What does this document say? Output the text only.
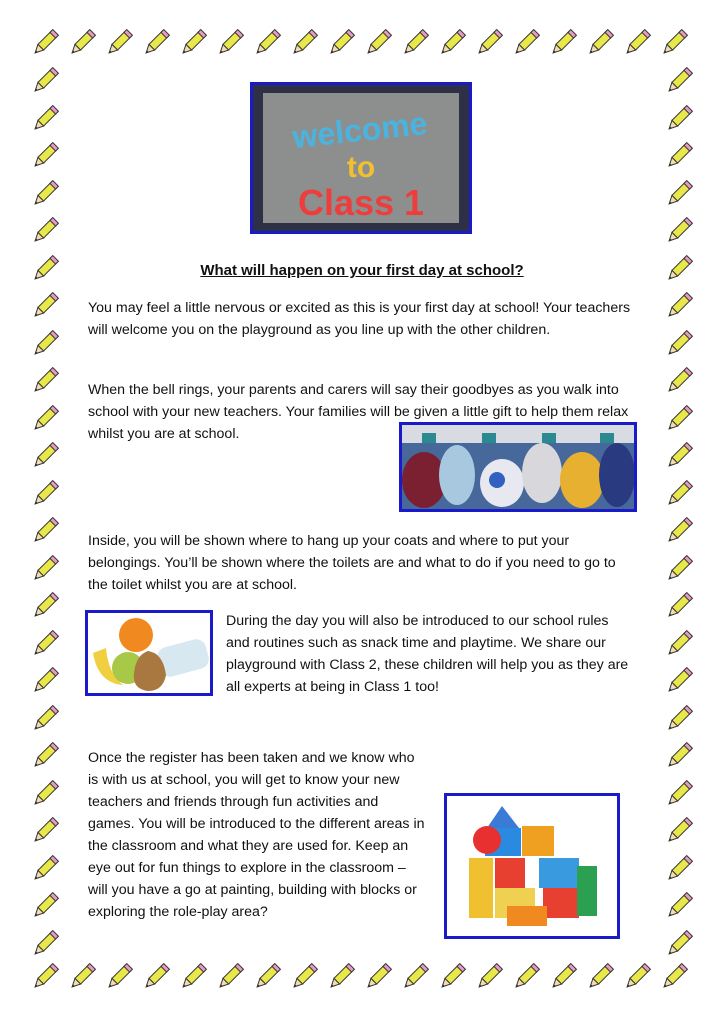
welcome
to
Class 1
What will happen on your first day at school?

You may feel a little nervous or excited as this is your first day at school! Your teachers will welcome you on the playground as you line up with the other children.

When the bell rings, your parents and carers will say their goodbyes as you walk into school with your new teachers. Your families will be given a little gift to help them relax whilst you are at school.

Inside, you will be shown where to hang up your coats and where to put your belongings. You’ll be shown where the toilets are and what to do if you need to go to the toilet whilst you are at school.

During the day you will also be introduced to our school rules and routines such as snack time and playtime. We share our playground with Class 2, these children will help you as they are all experts at being in Class 1 too!

Once the register has been taken and we know who is with us at school, you will get to know your new teachers and friends through fun activities and games. You will be introduced to the different areas in the classroom and what they are used for. Keep an eye out for fun things to explore in the classroom – will you have a go at painting, building with blocks or exploring the role-play area?
